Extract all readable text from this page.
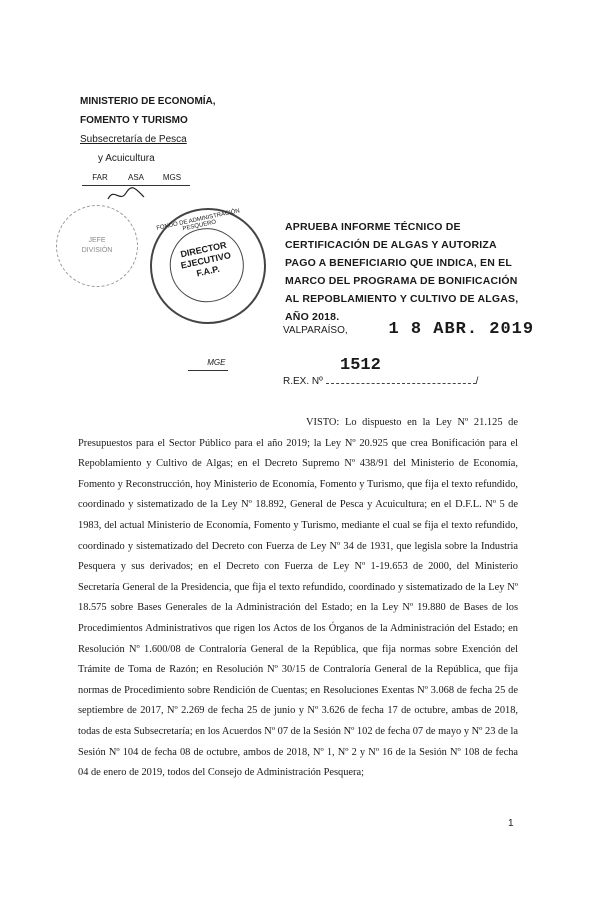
MINISTERIO DE ECONOMÍA,
FOMENTO Y TURISMO
Subsecretaría de Pesca
y Acuicultura
FAR	ASA	MGS

		MGE
JEFE
DIVISIÓN
FONDO DE ADMINISTRACIÓN PESQUERO
DIRECTOR EJECUTIVO F.A.P.
APRUEBA INFORME TÉCNICO DE CERTIFICACIÓN DE ALGAS Y AUTORIZA PAGO A BENEFICIARIO QUE INDICA, EN EL MARCO DEL PROGRAMA DE BONIFICACIÓN AL REPOBLAMIENTO Y CULTIVO DE ALGAS, AÑO 2018.
VALPARAÍSO, 1 8 ABR. 2019
1512
R.EX. Nº	/
VISTO: Lo dispuesto en la Ley Nº 21.125 de Presupuestos para el Sector Público para el año 2019; la Ley Nº 20.925 que crea Bonificación para el Repoblamiento y Cultivo de Algas; en el Decreto Supremo Nº 438/91 del Ministerio de Economía, Fomento y Reconstrucción, hoy Ministerio de Economía, Fomento y Turismo, que fija el texto refundido, coordinado y sistematizado de la Ley Nº 18.892, General de Pesca y Acuicultura; en el D.F.L. Nº 5 de 1983, del actual Ministerio de Economía, Fomento y Turismo, mediante el cual se fija el texto refundido, coordinado y sistematizado del Decreto con Fuerza de Ley Nº 34 de 1931, que legisla sobre la Industria Pesquera y sus derivados; en el Decreto con Fuerza de Ley Nº 1-19.653 de 2000, del Ministerio Secretaría General de la Presidencia, que fija el texto refundido, coordinado y sistematizado de la Ley Nº 18.575 sobre Bases Generales de la Administración del Estado; en la Ley Nº 19.880 de Bases de los Procedimientos Administrativos que rigen los Actos de los Órganos de la Administración del Estado; en Resolución Nº 1.600/08 de Contraloría General de la República, que fija normas sobre Exención del Trámite de Toma de Razón; en Resolución Nº 30/15 de Contraloría General de la República, que fija normas de Procedimiento sobre Rendición de Cuentas; en Resoluciones Exentas Nº 3.068 de fecha 25 de septiembre de 2017, Nº 2.269 de fecha 25 de junio y Nº 3.626 de fecha 17 de octubre, ambas de 2018, todas de esta Subsecretaría; en los Acuerdos Nº 07 de la Sesión Nº 102 de fecha 07 de mayo y Nº 23 de la Sesión Nº 104 de fecha 08 de octubre, ambos de 2018, Nº 1, Nº 2 y Nº 16 de la Sesión Nº 108 de fecha 04 de enero de 2019, todos del Consejo de Administración Pesquera;
1
